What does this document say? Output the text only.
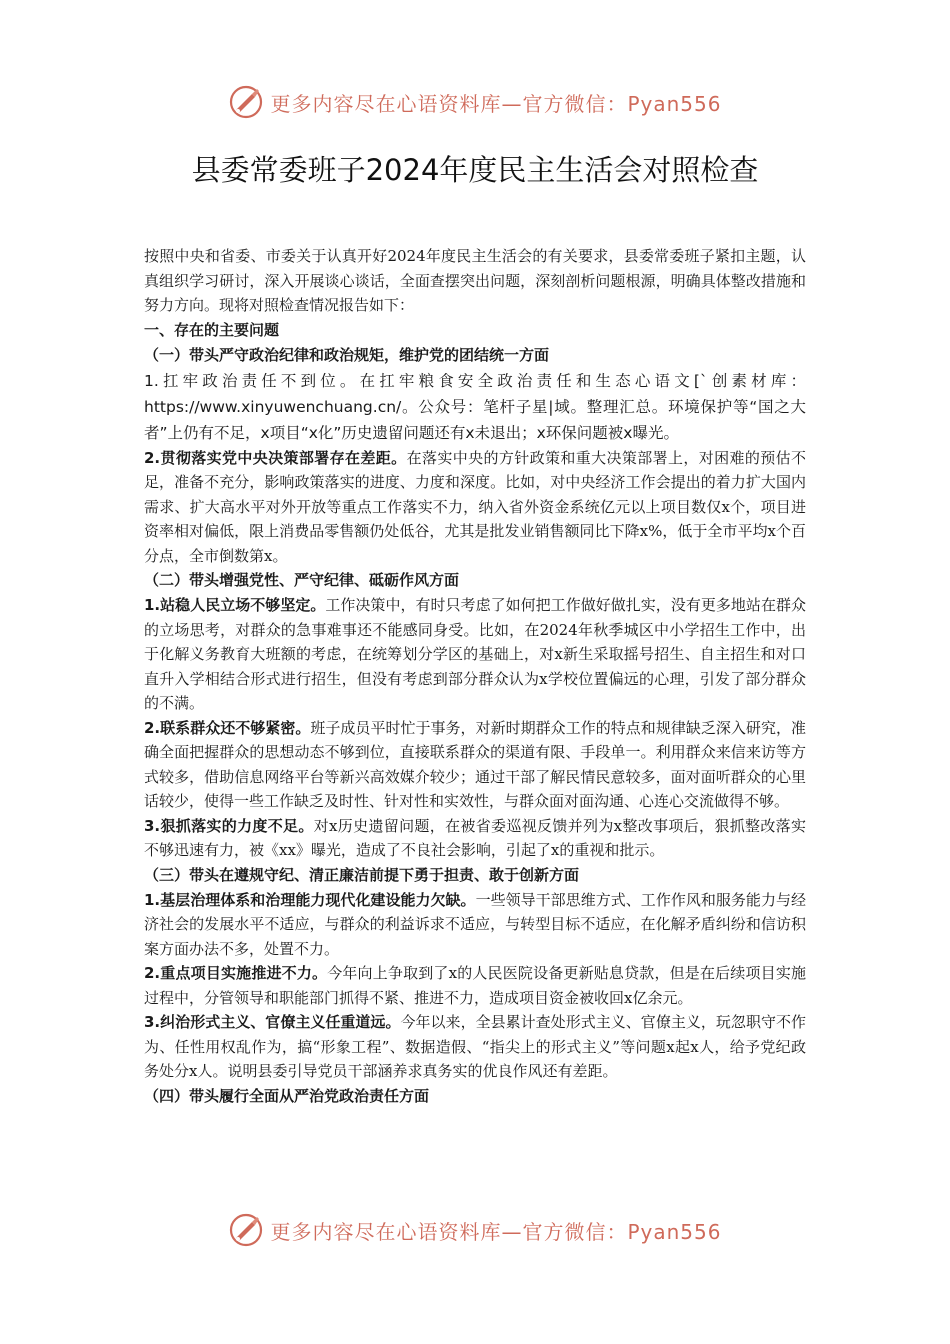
更多内容尽在心语资料库—官方微信：Pyan556
县委常委班子2024年度民主生活会对照检查

按照中央和省委、市委关于认真开好2024年度民主生活会的有关要求，县委常委班子紧扣主题，认真组织学习研讨，深入开展谈心谈话，全面查摆突出问题，深刻剖析问题根源，明确具体整改措施和努力方向。现将对照检查情况报告如下：

一、存在的主要问题

（一）带头严守政治纪律和政治规矩，维护党的团结统一方面

1.扛牢政治责任不到位。在扛牢粮食安全政治责任和生态心语文[`创素材库：https://www.xinyuwenchuang.cn/。公众号：笔杆子星|域。整理汇总。环境保护等“国之大者”上仍有不足，x项目“x化”历史遗留问题还有x未退出；x环保问题被x曝光。

2.贯彻落实党中央决策部署存在差距。在落实中央的方针政策和重大决策部署上，对困难的预估不足，准备不充分，影响政策落实的进度、力度和深度。比如，对中央经济工作会提出的着力扩大国内需求、扩大高水平对外开放等重点工作落实不力，纳入省外资金系统亿元以上项目数仅x个，项目进资率相对偏低，限上消费品零售额仍处低谷，尤其是批发业销售额同比下降x%，低于全市平均x个百分点，全市倒数第x。

（二）带头增强党性、严守纪律、砥砺作风方面

1.站稳人民立场不够坚定。工作决策中，有时只考虑了如何把工作做好做扎实，没有更多地站在群众的立场思考，对群众的急事难事还不能感同身受。比如，在2024年秋季城区中小学招生工作中，出于化解义务教育大班额的考虑，在统筹划分学区的基础上，对x新生采取摇号招生、自主招生和对口直升入学相结合形式进行招生，但没有考虑到部分群众认为x学校位置偏远的心理，引发了部分群众的不满。

2.联系群众还不够紧密。班子成员平时忙于事务，对新时期群众工作的特点和规律缺乏深入研究，准确全面把握群众的思想动态不够到位，直接联系群众的渠道有限、手段单一。利用群众来信来访等方式较多，借助信息网络平台等新兴高效媒介较少；通过干部了解民情民意较多，面对面听群众的心里话较少，使得一些工作缺乏及时性、针对性和实效性，与群众面对面沟通、心连心交流做得不够。

3.狠抓落实的力度不足。对x历史遗留问题，在被省委巡视反馈并列为x整改事项后，狠抓整改落实不够迅速有力，被《xx》曝光，造成了不良社会影响，引起了x的重视和批示。

（三）带头在遵规守纪、清正廉洁前提下勇于担责、敢于创新方面

1.基层治理体系和治理能力现代化建设能力欠缺。一些领导干部思维方式、工作作风和服务能力与经济社会的发展水平不适应，与群众的利益诉求不适应，与转型目标不适应，在化解矛盾纠纷和信访积案方面办法不多，处置不力。

2.重点项目实施推进不力。今年向上争取到了x的人民医院设备更新贴息贷款，但是在后续项目实施过程中，分管领导和职能部门抓得不紧、推进不力，造成项目资金被收回x亿余元。

3.纠治形式主义、官僚主义任重道远。今年以来，全县累计查处形式主义、官僚主义，玩忽职守不作为、任性用权乱作为，搞“形象工程”、数据造假、“指尖上的形式主义”等问题x起x人，给予党纪政务处分x人。说明县委引导党员干部涵养求真务实的优良作风还有差距。

（四）带头履行全面从严治党政治责任方面

更多内容尽在心语资料库—官方微信：Pyan556
